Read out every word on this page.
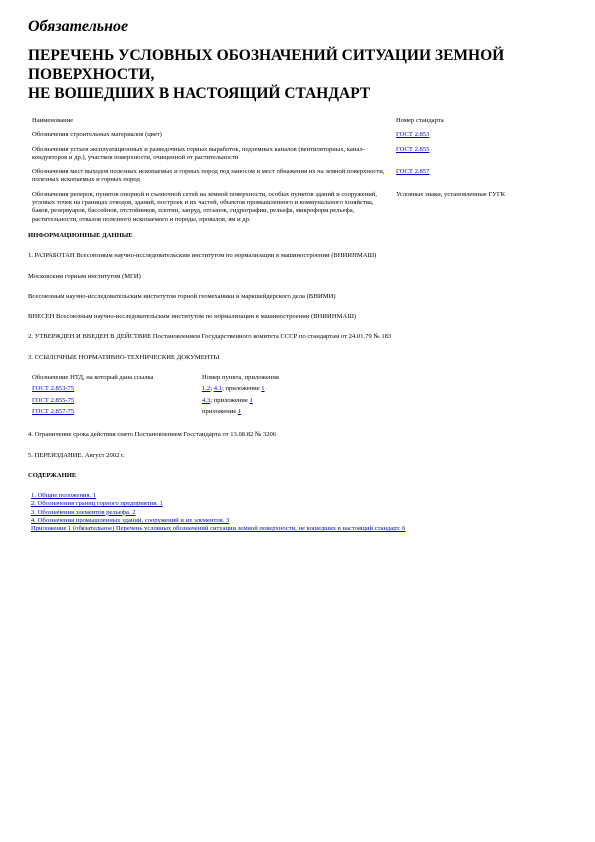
Обязательное
ПЕРЕЧЕНЬ УСЛОВНЫХ ОБОЗНАЧЕНИЙ СИТУАЦИИ ЗЕМНОЙ ПОВЕРХНОСТИ,
НЕ ВОШЕДШИХ В НАСТОЯЩИЙ СТАНДАРТ
Наименование	Номер стандарта
Обозначения строительных материалов (цвет)	ГОСТ 2.853
Обозначения устьев эксплуатационных и разведочных горных выработок, подземных каналов (вентиляторных, канал-кондукторов и др.), участков поверхности, очищенной от растительности	ГОСТ 2.855
Обозначения мест выходов полезных ископаемых и горных пород под наносом и мест обнажения их на земной поверхности, полезных ископаемых и горных пород	ГОСТ 2.857
Обозначения реперов, пунктов опорной и съемочной сетей на земной поверхности, особых пунктов зданий и сооружений, угловых точек на границах отводов, зданий, построек и их частей, объектов промышленного и коммунального хозяйства, баков, резервуаров, бассейнов, отстойников, плотин, запруд, отсыпок, гидрографии, рельефа, микроформ рельефа, растительности, отвалов полезного ископаемого и породы, провалов, ям и др.	Условные знаки, установленные ГУГК
ИНФОРМАЦИОННЫЕ ДАННЫЕ
1. РАЗРАБОТАН Всесоюзным научно-исследовательским институтом по нормализации в машиностроении (ВНИИНМАШ)
Московским горным институтом (МГИ)
Всесоюзным научно-исследовательским институтом горной геомеханики и маркшейдерского дела (ВНИМИ)
ВНЕСЕН Всесоюзным научно-исследовательским институтом по нормализации в машиностроении (ВНИИНМАШ)
2. УТВЕРЖДЕН И ВВЕДЕН В ДЕЙСТВИЕ Постановлением Государственного комитета СССР по стандартам от 24.01.79 № 183
3. ССЫЛОЧНЫЕ НОРМАТИВНО-ТЕХНИЧЕСКИЕ ДОКУМЕНТЫ
Обозначение НТД, на который дана ссылка	Номер пункта, приложения
ГОСТ 2.853-75	1.2; 4.1; приложение 1
ГОСТ 2.855-75	4.3; приложение 1
ГОСТ 2.857-75	приложение 1
4. Ограничение срока действия снято Постановлением Госстандарта от 13.08.82 № 3206
5. ПЕРЕИЗДАНИЕ. Август 2002 г.
СОДЕРЖАНИЕ
1. Общие положения. 1
2. Обозначения границ горного предприятия. 1
3. Обозначения элементов рельефа. 2
4. Обозначения промышленных зданий, сооружений и их элементов. 3
Приложение 1 (обязательное) Перечень условных обозначений ситуации земной поверхности, не вошедших в настоящий стандарт. 6
